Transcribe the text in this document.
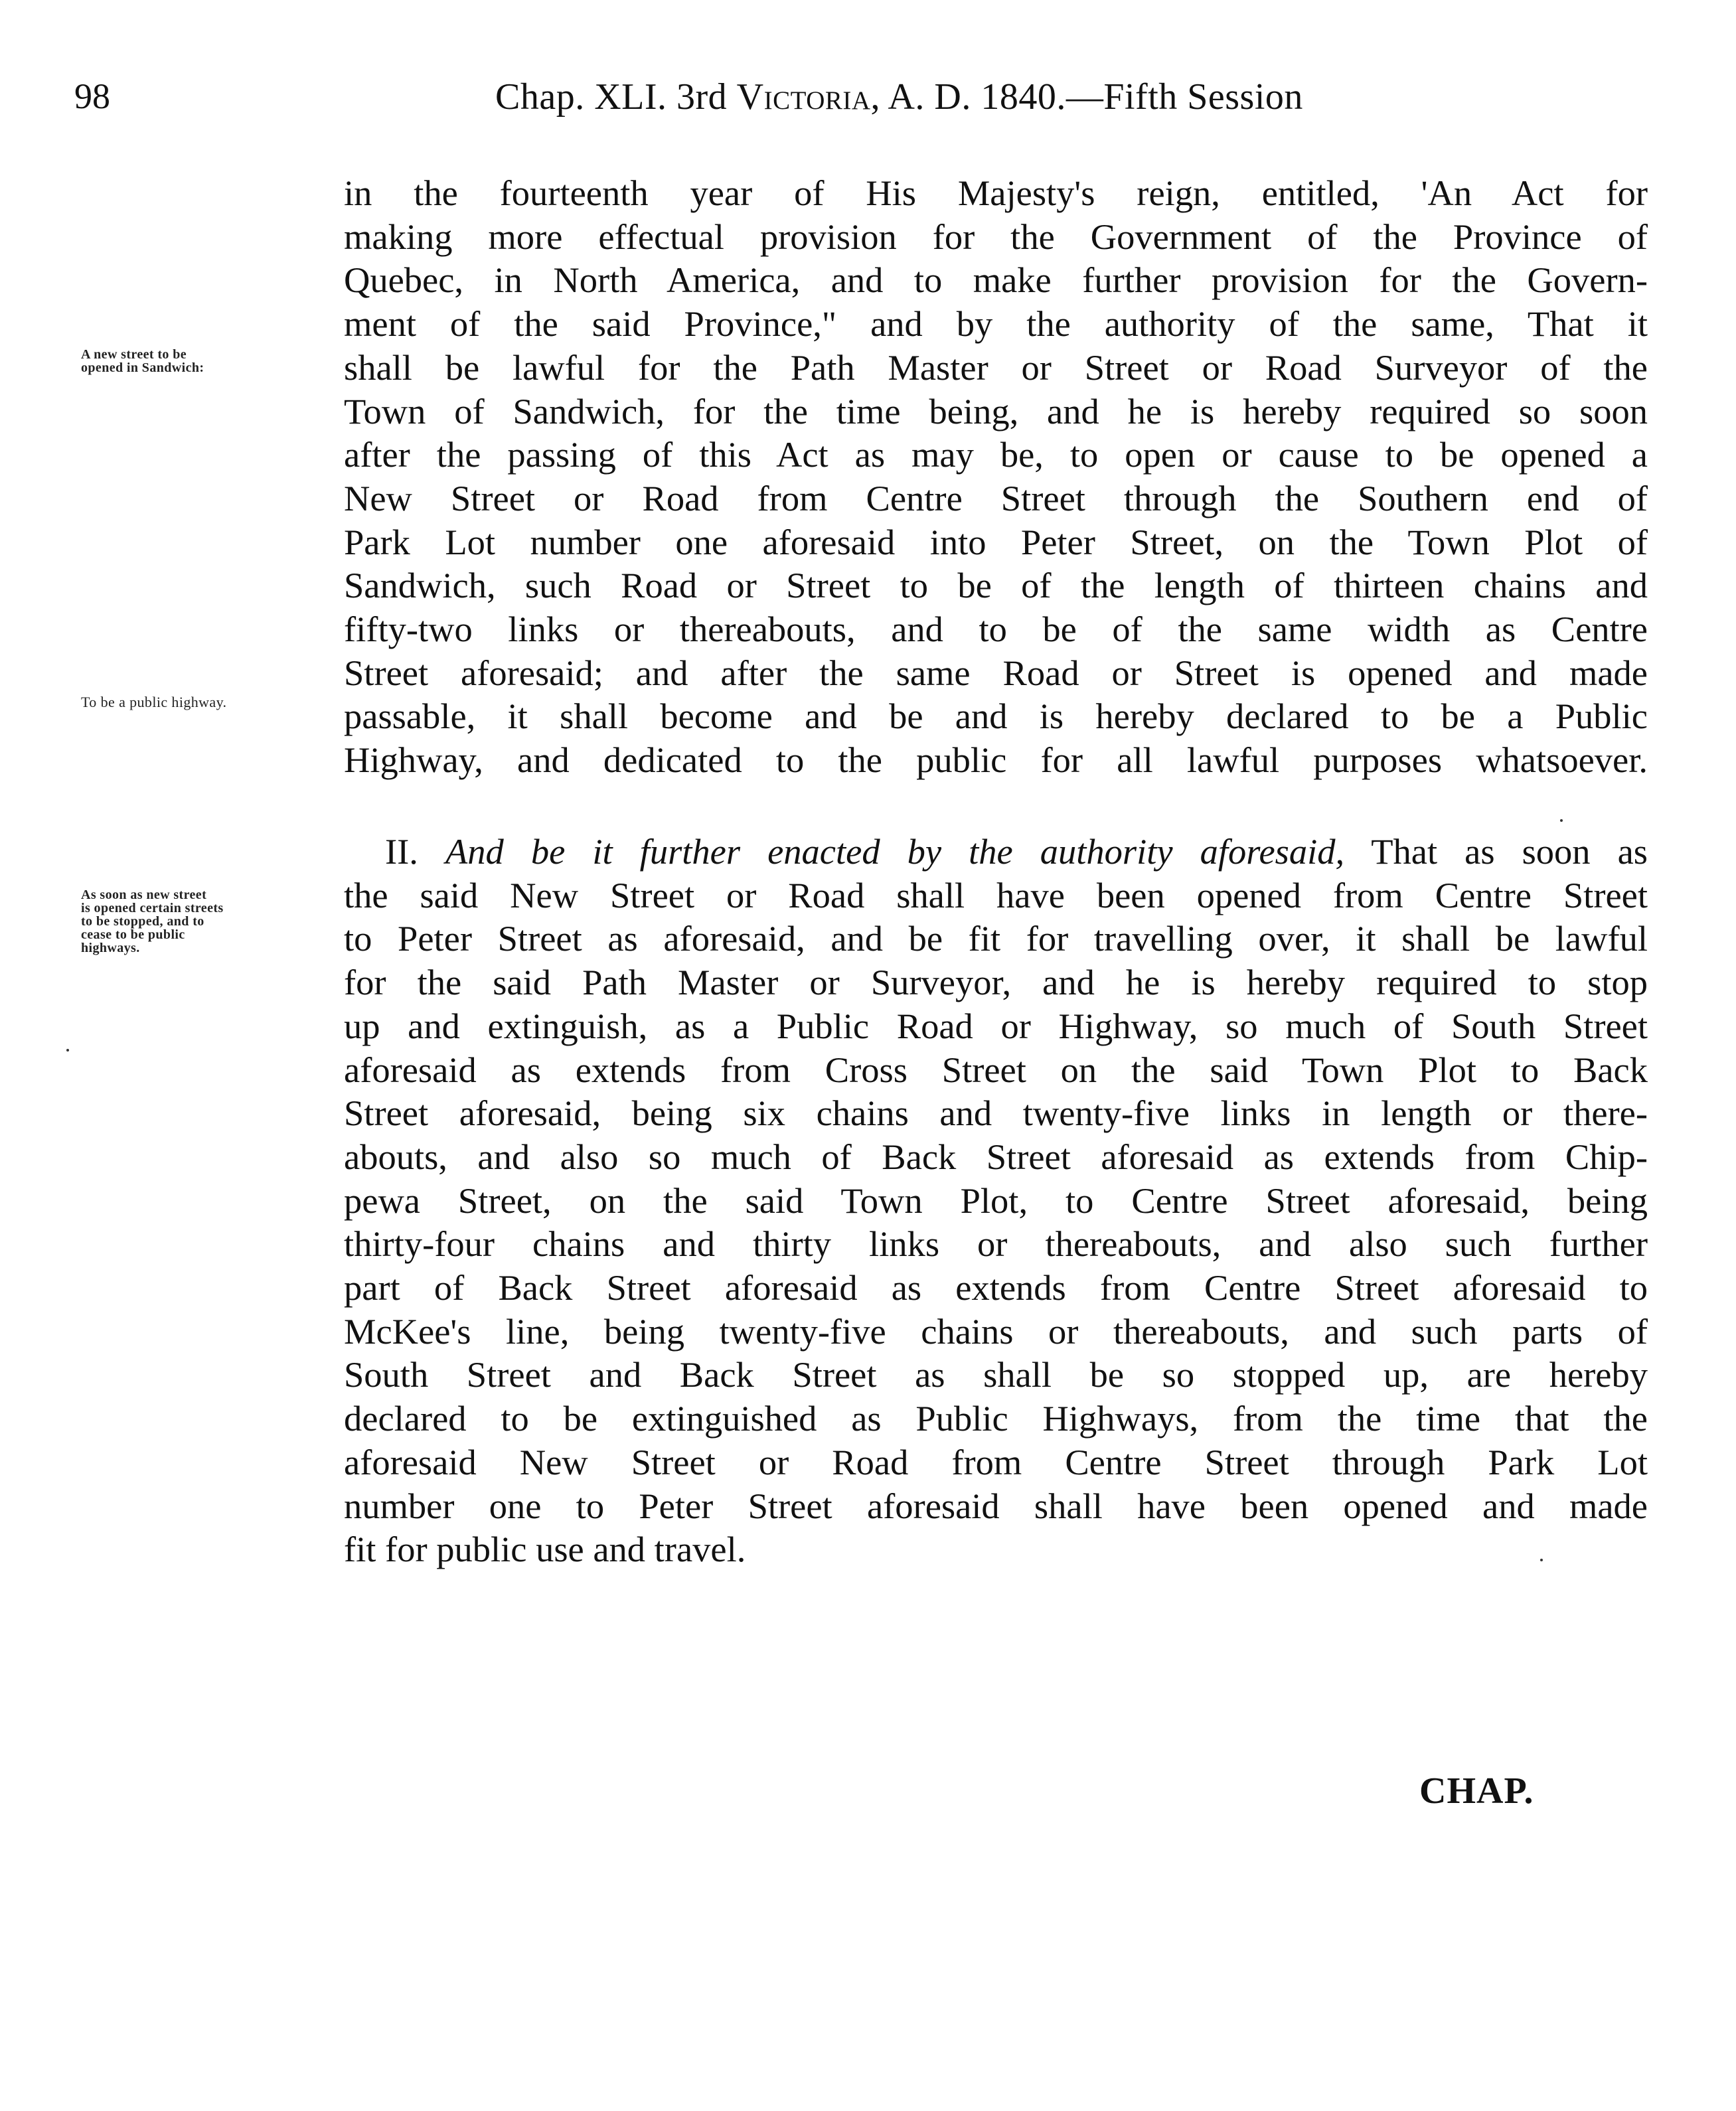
98	Chap. XLI. 3rd Victoria, A. D. 1840.—Fifth Session
A new street to be
opened in Sandwich:
To be a public highway.
As soon as new street
is opened certain streets
to be stopped, and to
cease to be public
highways.
in the fourteenth year of His Majesty's reign, entitled, 'An Act for
making more effectual provision for the Government of the Province of
Quebec, in North America, and to make further provision for the Govern-
ment of the said Province," and by the authority of the same, That it
shall be lawful for the Path Master or Street or Road Surveyor of the
Town of Sandwich, for the time being, and he is hereby required so soon
after the passing of this Act as may be, to open or cause to be opened a
New Street or Road from Centre Street through the Southern end of
Park Lot number one aforesaid into Peter Street, on the Town Plot of
Sandwich, such Road or Street to be of the length of thirteen chains and
fifty-two links or thereabouts, and to be of the same width as Centre
Street aforesaid; and after the same Road or Street is opened and made
passable, it shall become and be and is hereby declared to be a Public
Highway, and dedicated to the public for all lawful purposes whatsoever.
II. And be it further enacted by the authority aforesaid, That as soon as
the said New Street or Road shall have been opened from Centre Street
to Peter Street as aforesaid, and be fit for travelling over, it shall be lawful
for the said Path Master or Surveyor, and he is hereby required to stop
up and extinguish, as a Public Road or Highway, so much of South Street
aforesaid as extends from Cross Street on the said Town Plot to Back
Street aforesaid, being six chains and twenty-five links in length or there-
abouts, and also so much of Back Street aforesaid as extends from Chip-
pewa Street, on the said Town Plot, to Centre Street aforesaid, being
thirty-four chains and thirty links or thereabouts, and also such further
part of Back Street aforesaid as extends from Centre Street aforesaid to
McKee's line, being twenty-five chains or thereabouts, and such parts of
South Street and Back Street as shall be so stopped up, are hereby
declared to be extinguished as Public Highways, from the time that the
aforesaid New Street or Road from Centre Street through Park Lot
number one to Peter Street aforesaid shall have been opened and made
fit for public use and travel.
CHAP.
